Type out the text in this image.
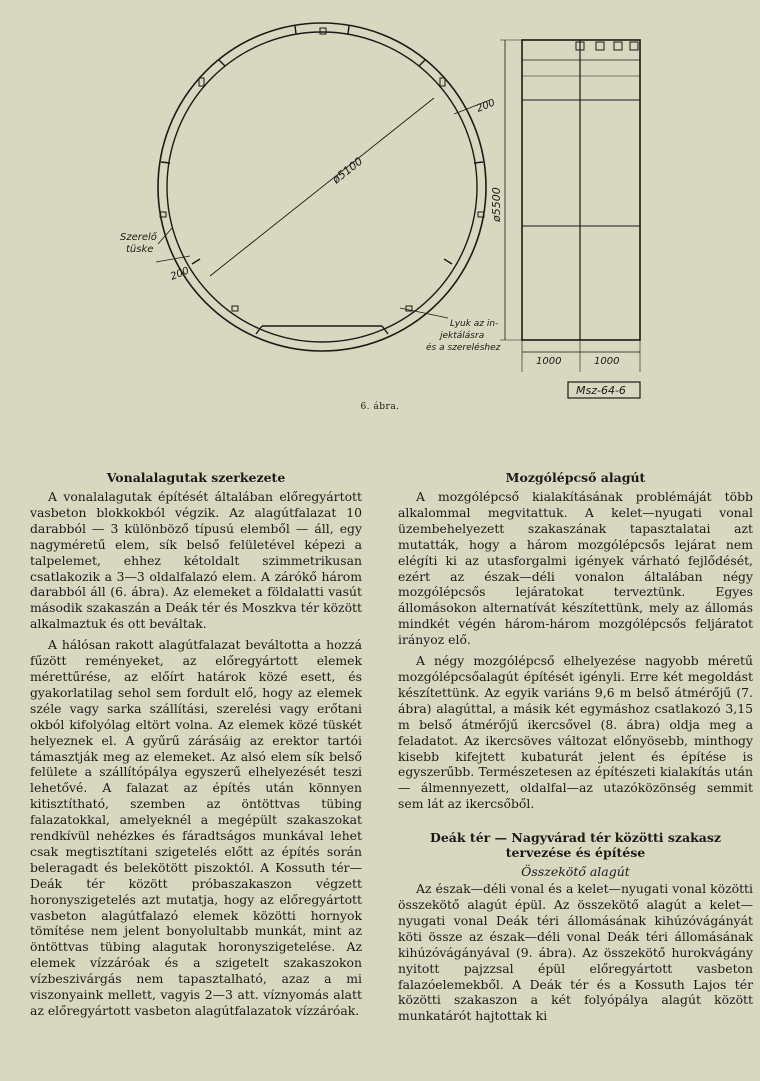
ø5100
200
200
Szerelő
tüske
Lyuk az in-
jektálásra
és a szereléshez
ø5500
1000	1000
Msz-64-6
6. ábra.
Vonalalagutak szerkezete

A vonalalagutak építését általában előregyártott vasbeton blokkokból végzik. Az alagútfalazat 10 darabból — 3 különböző típusú elemből — áll, egy nagyméretű elem, sík belső felületével képezi a talpelemet, ehhez kétoldalt szimmetrikusan csatlakozik a 3—3 oldalfalazó elem. A zárókő három darabból áll (6. ábra). Az elemeket a földalatti vasút második szakaszán a Deák tér és Moszkva tér között alkalmaztuk és ott beváltak.

A hálósan rakott alagútfalazat beváltotta a hozzá fűzött reményeket, az előregyártott elemek mérettűrése, az előírt határok közé esett, és gyakorlatilag sehol sem fordult elő, hogy az elemek széle vagy sarka szállítási, szerelési vagy erőtani okból kifolyólag eltört volna. Az elemek közé tüskét helyeznek el. A gyűrű zárásáig az erektor tartói támasztják meg az elemeket. Az alsó elem sík belső felülete a szállítópálya egyszerű elhelyezését teszi lehetővé. A falazat az építés után könnyen kitisztítható, szemben az öntöttvas tübing falazatokkal, amelyeknél a megépült szakaszokat rendkívül nehézkes és fáradtságos munkával lehet csak megtisztítani szigetelés előtt az építés során beleragadt és belekötött piszoktól. A Kossuth tér—Deák tér között próbaszakaszon végzett horonyszigetelés azt mutatja, hogy az előregyártott vasbeton alagútfalazó elemek közötti hornyok tömítése nem jelent bonyolultabb munkát, mint az öntöttvas tübing alagutak horonyszigetelése. Az elemek vízzáróak és a szigetelt szakaszokon vízbeszivárgás nem tapasztalható, azaz a mi viszonyaink mellett, vagyis 2—3 att. víznyomás alatt az előregyártott vasbeton alagútfalazatok vízzáróak.

Mozgólépcső alagút

A mozgólépcső kialakításának problémáját több alkalommal megvitattuk. A kelet—nyugati vonal üzembehelyezett szakaszának tapasztalatai azt mutatták, hogy a három mozgólépcsős lejárat nem elégíti ki az utasforgalmi igények várható fejlődését, ezért az észak—déli vonalon általában négy mozgólépcsős lejáratokat terveztünk. Egyes állomásokon alternatívát készítettünk, mely az állomás mindkét végén három-három mozgólépcsős feljáratot irányoz elő.

A négy mozgólépcső elhelyezése nagyobb méretű mozgólépcsőalagút építését igényli. Erre két megoldást készítettünk. Az egyik variáns 9,6 m belső átmérőjű (7. ábra) alagúttal, a másik két egymáshoz csatlakozó 3,15 m belső átmérőjű ikercsővel (8. ábra) oldja meg a feladatot. Az ikercsöves változat előnyösebb, minthogy kisebb kifejtett kubaturát jelent és építése is egyszerűbb. Természetesen az építészeti kialakítás után — álmennyezett, oldalfal—az utazóközönség semmit sem lát az ikercsőből.

Deák tér — Nagyvárad tér közötti szakasz
tervezése és építése
Összekötő alagút

Az észak—déli vonal és a kelet—nyugati vonal közötti összekötő alagút épül. Az összekötő alagút a kelet—nyugati vonal Deák téri állomásának kihúzóvágányát köti össze az észak—déli vonal Deák téri állomásának kihúzóvágányával (9. ábra). Az összekötő hurokvágány nyitott pajzzsal épül előregyártott vasbeton falazóelemekből. A Deák tér és a Kossuth Lajos tér közötti szakaszon a két folyópálya alagút között munkatárót hajtottak ki
